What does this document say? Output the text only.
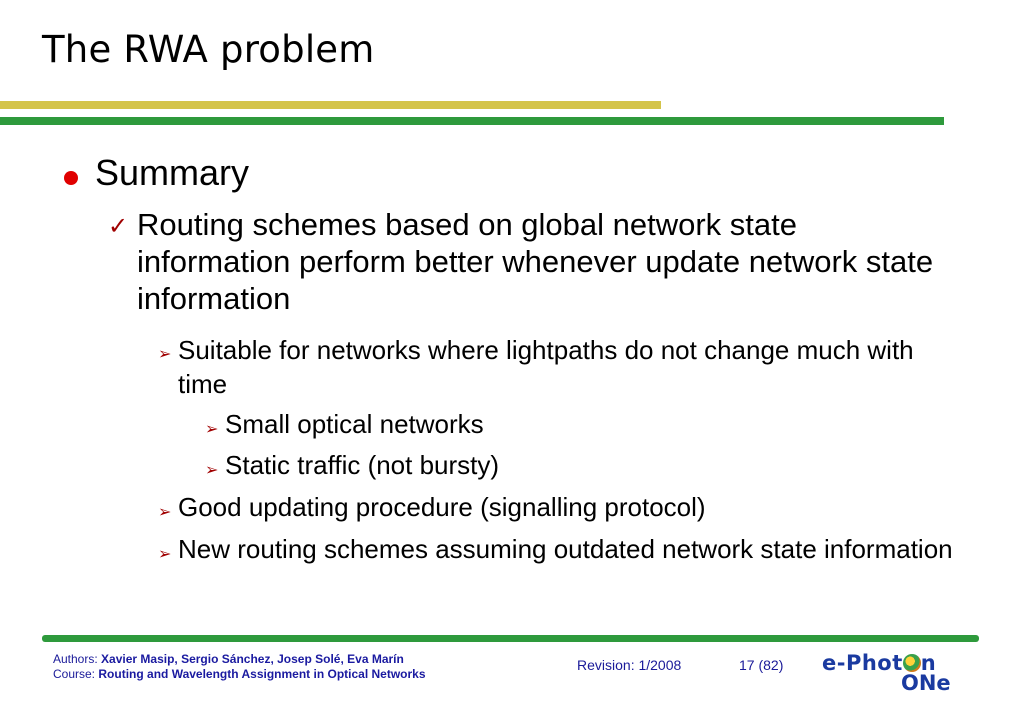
The RWA problem
Summary
✓ Routing schemes based on global network state information perform better whenever update network state information
➢ Suitable for networks where lightpaths do not change much with time
➢ Small optical networks
➢ Static traffic (not bursty)
➢ Good updating procedure (signalling protocol)
➢ New routing schemes assuming outdated network state information
Authors: Xavier Masip, Sergio Sánchez, Josep Solé, Eva Marín
Course: Routing and Wavelength Assignment in Optical Networks
Revision: 1/2008	17 (82) e-Phot n
ONe
